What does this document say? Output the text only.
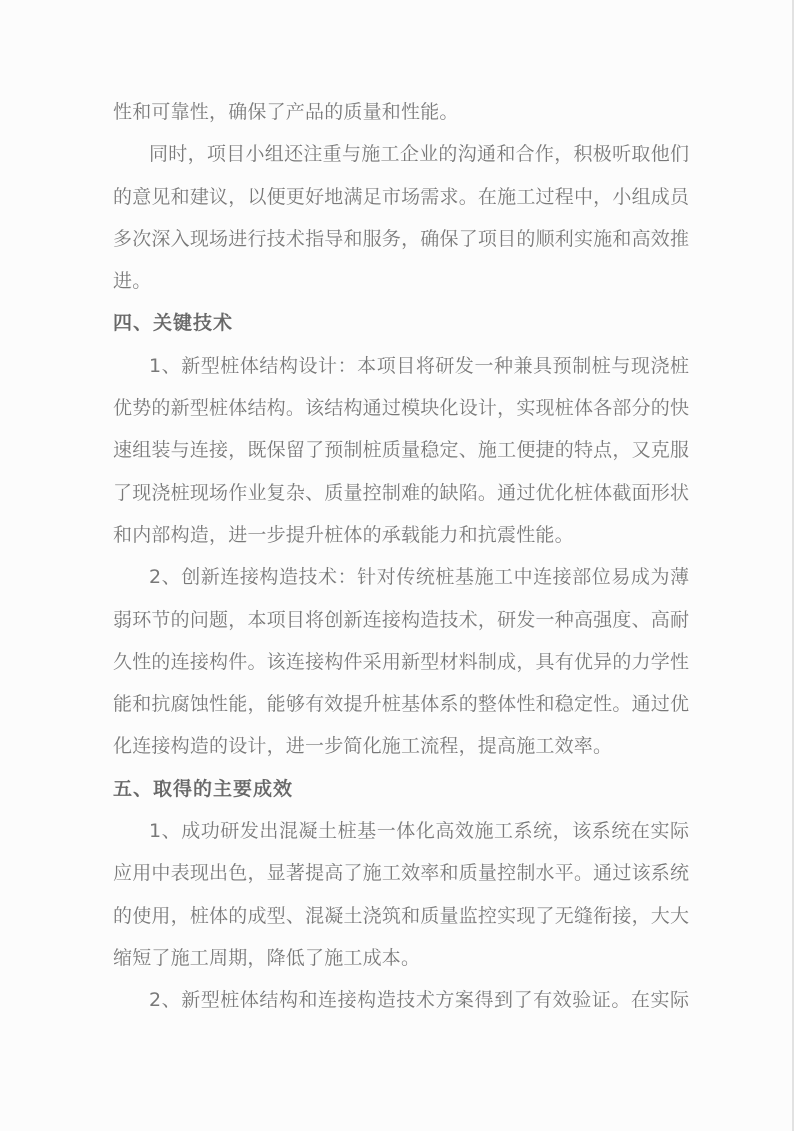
性和可靠性，确保了产品的质量和性能。

同时，项目小组还注重与施工企业的沟通和合作，积极听取他们

的意见和建议，以便更好地满足市场需求。在施工过程中，小组成员

多次深入现场进行技术指导和服务，确保了项目的顺利实施和高效推

进。

四、关键技术

1、新型桩体结构设计：本项目将研发一种兼具预制桩与现浇桩

优势的新型桩体结构。该结构通过模块化设计，实现桩体各部分的快

速组装与连接，既保留了预制桩质量稳定、施工便捷的特点，又克服

了现浇桩现场作业复杂、质量控制难的缺陷。通过优化桩体截面形状

和内部构造，进一步提升桩体的承载能力和抗震性能。

2、创新连接构造技术：针对传统桩基施工中连接部位易成为薄

弱环节的问题，本项目将创新连接构造技术，研发一种高强度、高耐

久性的连接构件。该连接构件采用新型材料制成，具有优异的力学性

能和抗腐蚀性能，能够有效提升桩基体系的整体性和稳定性。通过优

化连接构造的设计，进一步简化施工流程，提高施工效率。

五、取得的主要成效

1、成功研发出混凝土桩基一体化高效施工系统，该系统在实际

应用中表现出色，显著提高了施工效率和质量控制水平。通过该系统

的使用，桩体的成型、混凝土浇筑和质量监控实现了无缝衔接，大大

缩短了施工周期，降低了施工成本。

2、新型桩体结构和连接构造技术方案得到了有效验证。在实际
